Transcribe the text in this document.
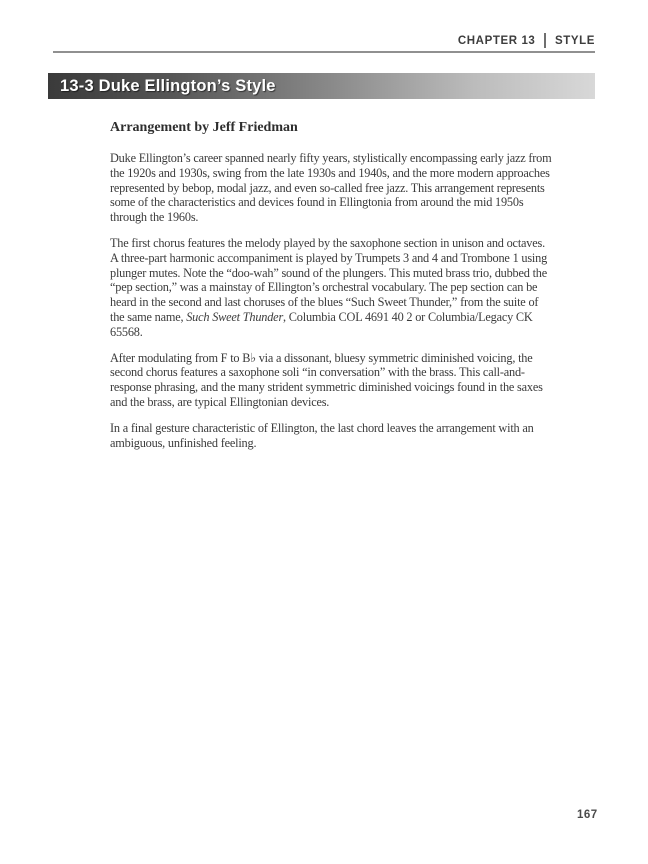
CHAPTER 13 STYLE
13-3 Duke Ellington’s Style
Arrangement by Jeff Friedman

Duke Ellington’s career spanned nearly fifty years, stylistically encompassing early jazz from the 1920s and 1930s, swing from the late 1930s and 1940s, and the more modern approaches represented by bebop, modal jazz, and even so-called free jazz. This arrangement represents some of the characteristics and devices found in Ellingtonia from around the mid 1950s through the 1960s.

The first chorus features the melody played by the saxophone section in unison and octaves. A three-part harmonic accompaniment is played by Trumpets 3 and 4 and Trombone 1 using plunger mutes. Note the “doo-wah” sound of the plungers. This muted brass trio, dubbed the “pep section,” was a mainstay of Ellington’s orchestral vocabulary. The pep section can be heard in the second and last choruses of the blues “Such Sweet Thunder,” from the suite of the same name, Such Sweet Thunder, Columbia COL 4691 40 2 or Columbia/Legacy CK 65568.

After modulating from F to B♭ via a dissonant, bluesy symmetric diminished voicing, the second chorus features a saxophone soli “in conversation” with the brass. This call-and-response phrasing, and the many strident symmetric diminished voicings found in the saxes and the brass, are typical Ellingtonian devices.

In a final gesture characteristic of Ellington, the last chord leaves the arrangement with an ambiguous, unfinished feeling.

167
